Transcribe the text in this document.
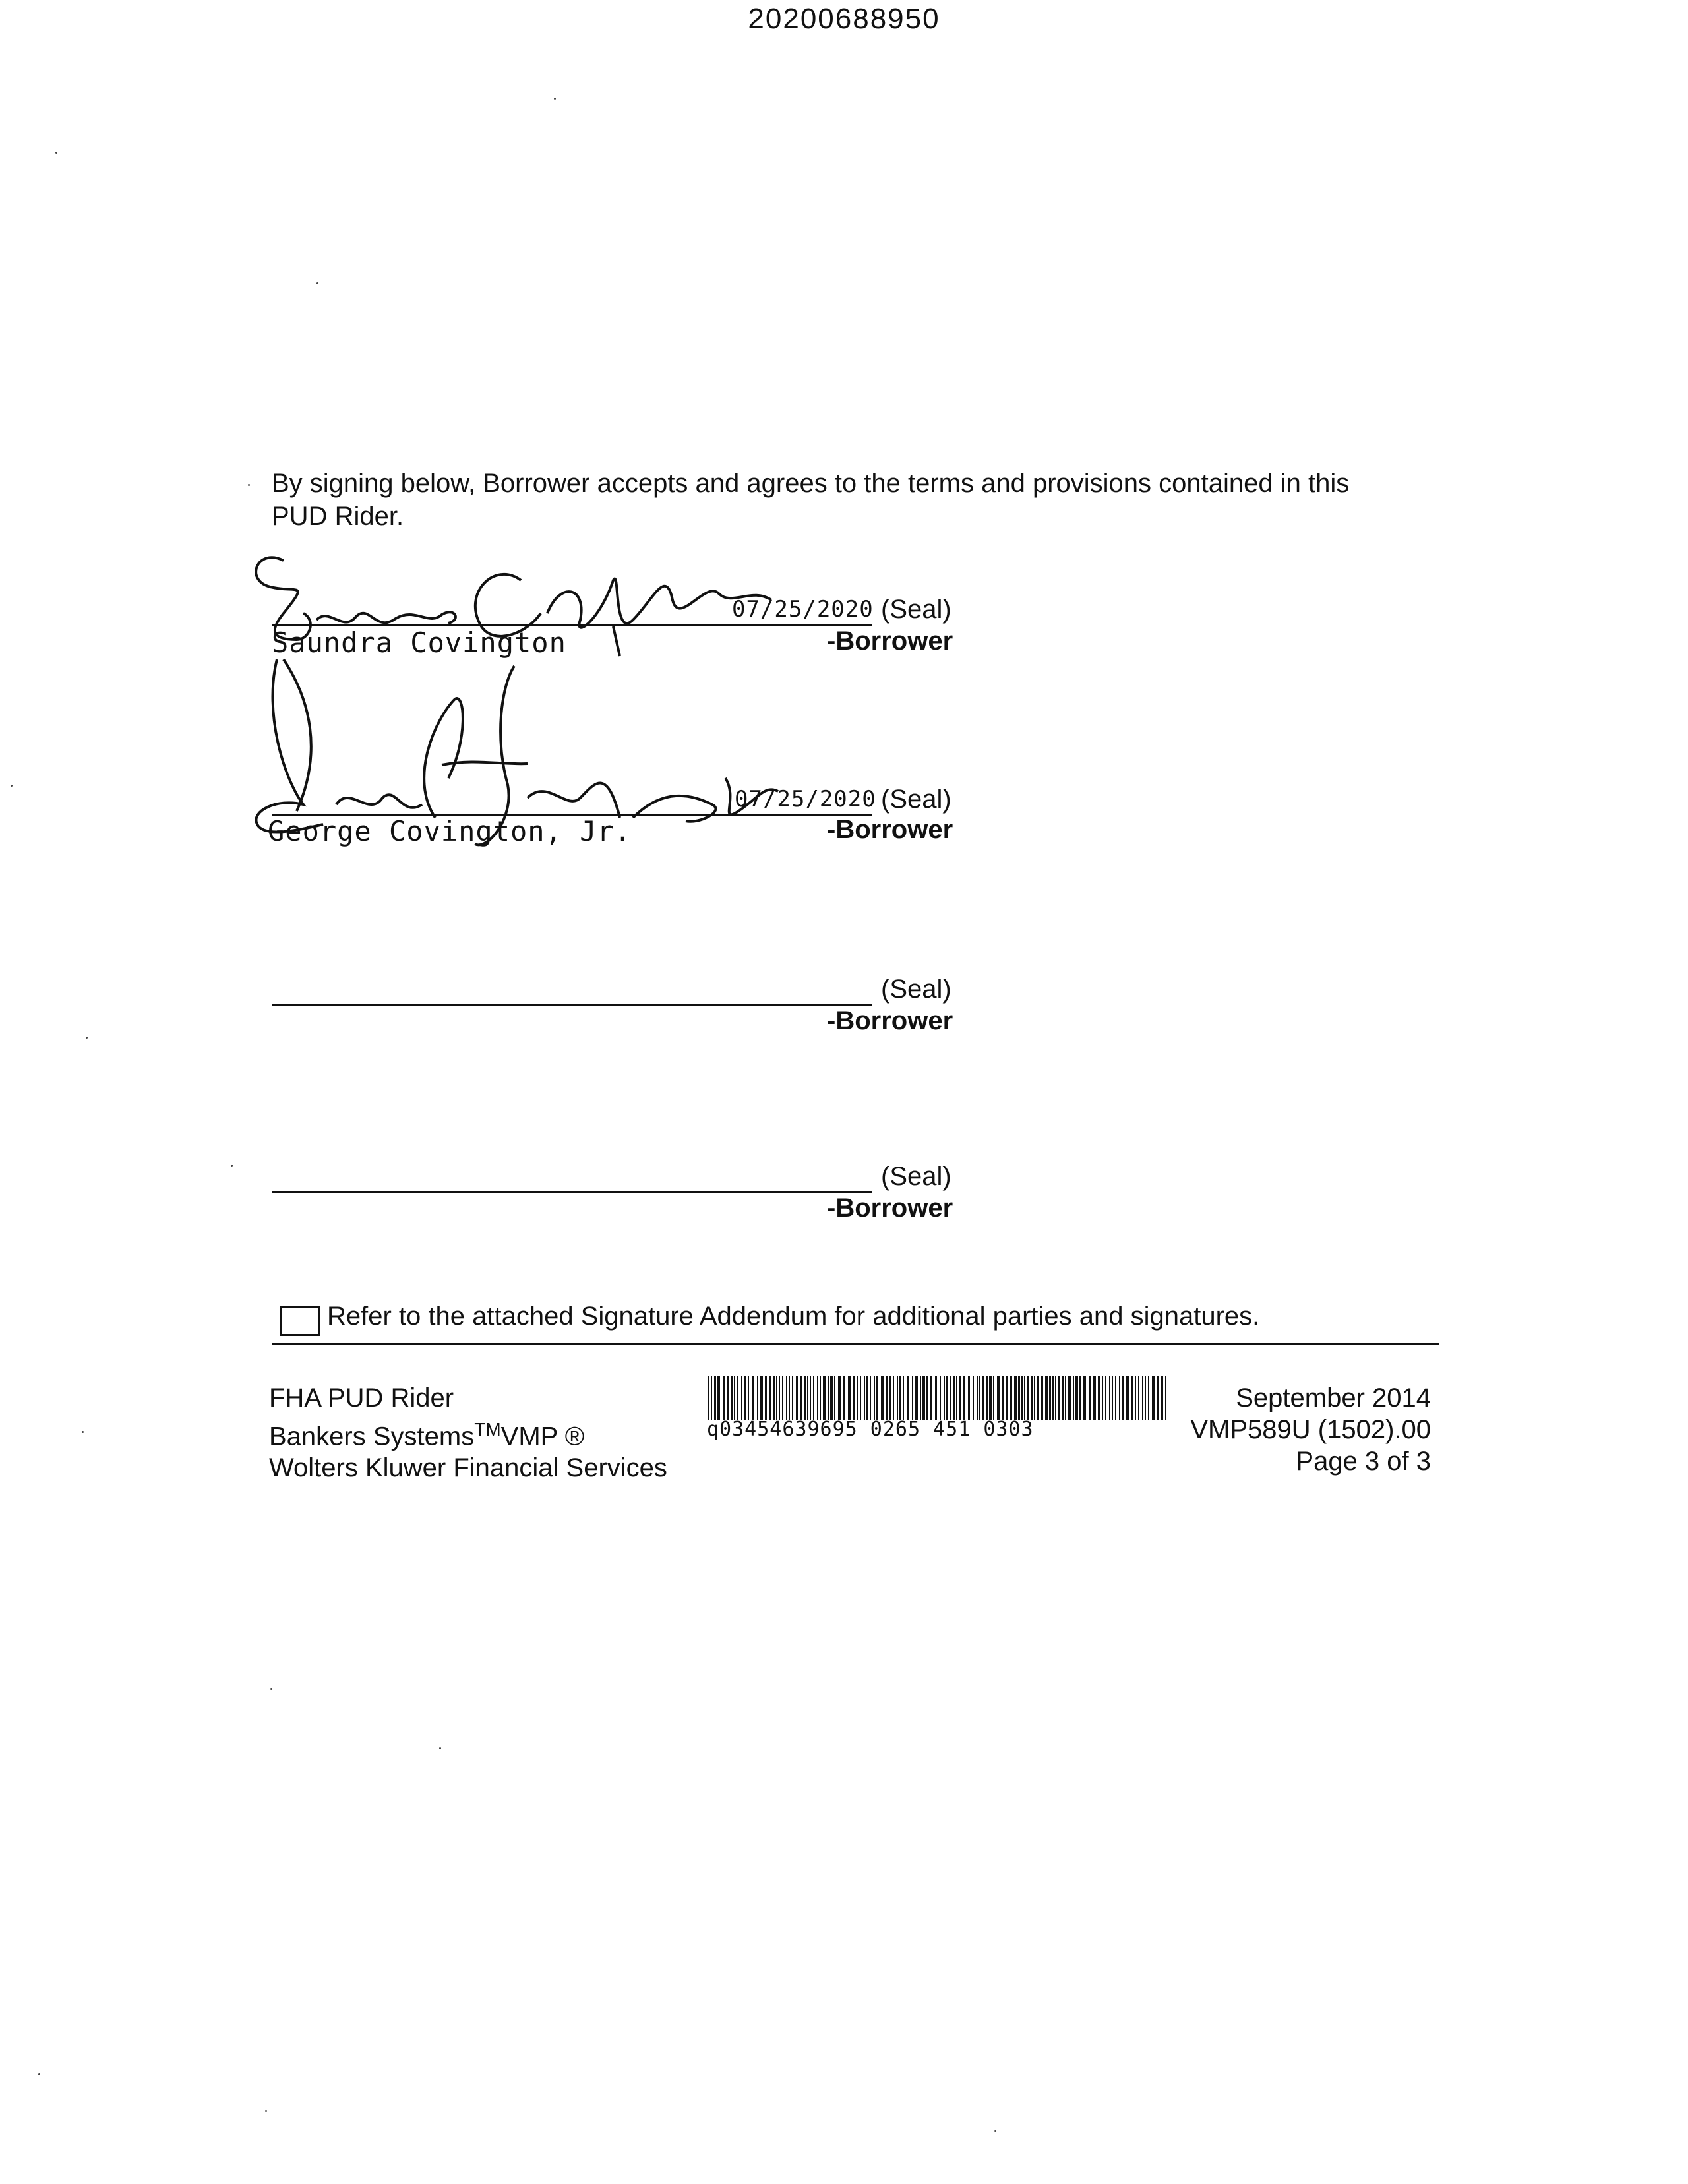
20200688950
By signing below, Borrower accepts and agrees to the terms and provisions contained in this PUD Rider.
07/25/2020 (Seal)
Saundra Covington	-Borrower
07/25/2020 (Seal)
George Covington, Jr.	-Borrower
(Seal)
-Borrower
(Seal)
-Borrower
Refer to the attached Signature Addendum for additional parties and signatures.
FHA PUD Rider
Bankers Systems™VMP ®
Wolters Kluwer Financial Services
q03454639695 0265 451 0303
September 2014
VMP589U (1502).00
Page 3 of 3
